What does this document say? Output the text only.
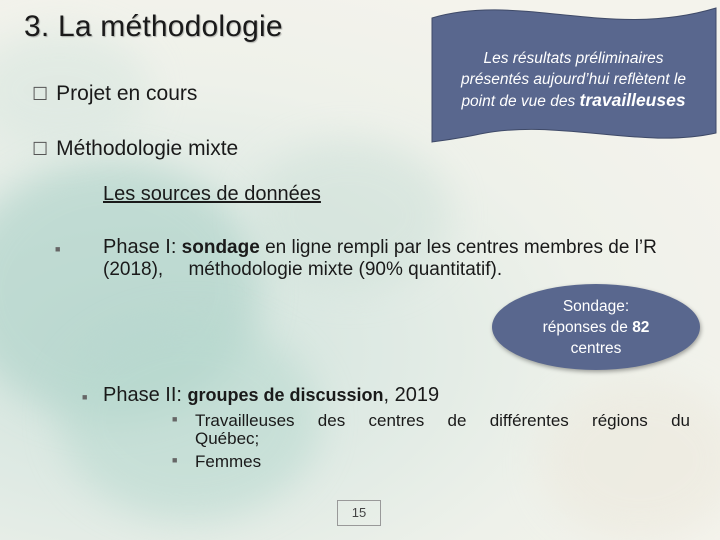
3. La méthodologie
☐ Projet en cours
☐ Méthodologie mixte
Les résultats préliminaires
présentés aujourd’hui reflètent le
point de vue des travailleuses
Les sources de données
■ Phase I: sondage en ligne rempli par les centres membres de l’R
(2018), méthodologie mixte (90% quantitatif).
Sondage:
réponses de 82
centres
■ Phase II: groupes de discussion, 2019
■ Travailleuses des centres de différentes régions du
Québec;
■ Femmes
15
